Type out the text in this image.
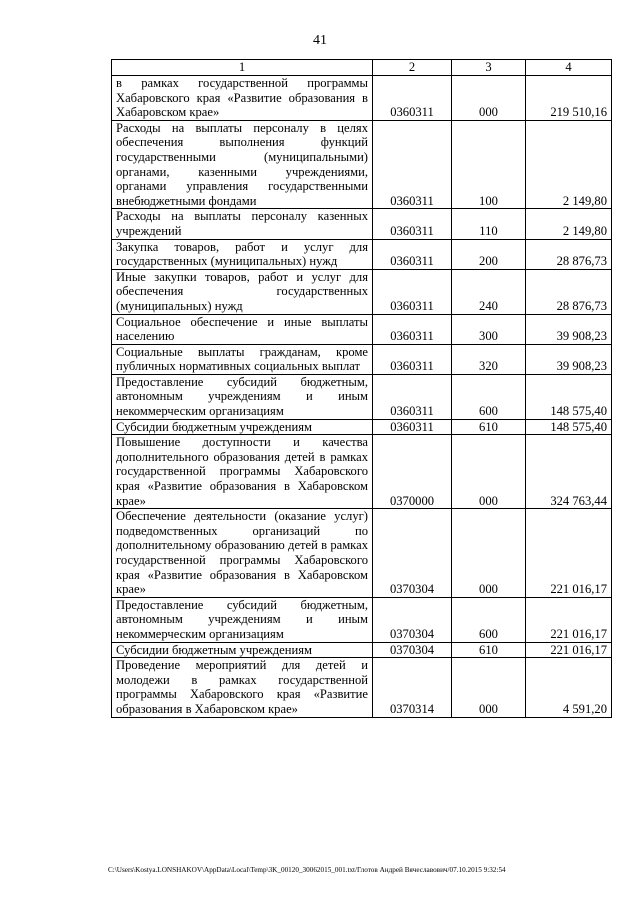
41
1	2	3	4
в рамках государственной программы Хабаровского края «Развитие образования в Хабаровском крае»	0360311	000	219 510,16
Расходы на выплаты персоналу в целях обеспечения выполнения функций государственными (муниципальными) органами, казенными учреждениями, органами управления государственными внебюджетными фондами	0360311	100	2 149,80
Расходы на выплаты персоналу казенных учреждений	0360311	110	2 149,80
Закупка товаров, работ и услуг для государственных (муниципальных) нужд	0360311	200	28 876,73
Иные закупки товаров, работ и услуг для обеспечения государственных (муниципальных) нужд	0360311	240	28 876,73
Социальное обеспечение и иные выплаты населению	0360311	300	39 908,23
Социальные выплаты гражданам, кроме публичных нормативных социальных выплат	0360311	320	39 908,23
Предоставление субсидий бюджетным, автономным учреждениям и иным некоммерческим организациям	0360311	600	148 575,40
Субсидии бюджетным учреждениям	0360311	610	148 575,40
Повышение доступности и качества дополнительного образования детей в рамках государственной программы Хабаровского края «Развитие образования в Хабаровском крае»	0370000	000	324 763,44
Обеспечение деятельности (оказание услуг) подведомственных организаций по дополнительному образованию детей в рамках государственной программы Хабаровского края «Развитие образования в Хабаровском крае»	0370304	000	221 016,17
Предоставление субсидий бюджетным, автономным учреждениям и иным некоммерческим организациям	0370304	600	221 016,17
Субсидии бюджетным учреждениям	0370304	610	221 016,17
Проведение мероприятий для детей и молодежи в рамках государственной программы Хабаровского края «Развитие образования в Хабаровском крае»	0370314	000	4 591,20
C:\Users\Kostya.LONSHAKOV\AppData\Local\Temp\3K_00120_30062015_001.txt/Глотов Андрей Вячеславович/07.10.2015 9:32:54
